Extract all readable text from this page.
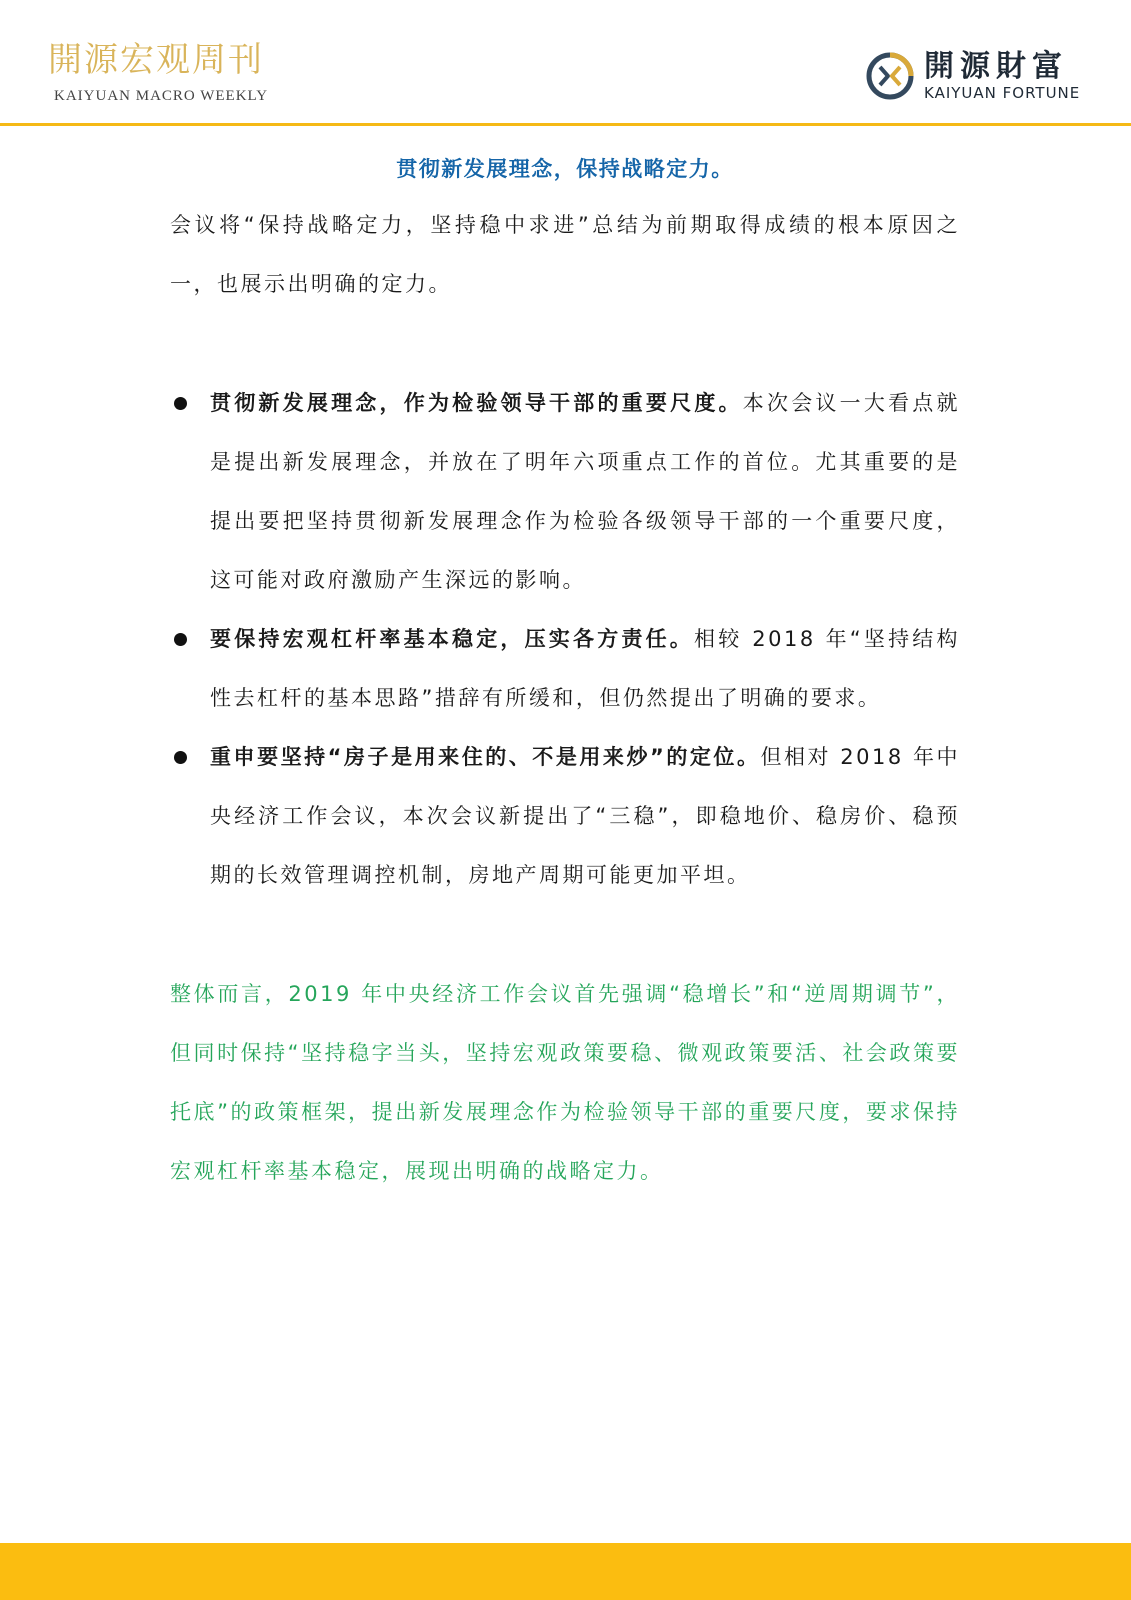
開源宏观周刊
KAIYUAN MACRO WEEKLY
開源財富
KAIYUAN FORTUNE
贯彻新发展理念，保持战略定力。

会议将“保持战略定力，坚持稳中求进”总结为前期取得成绩的根本原因之一，也展示出明确的定力。

贯彻新发展理念，作为检验领导干部的重要尺度。本次会议一大看点就是提出新发展理念，并放在了明年六项重点工作的首位。尤其重要的是提出要把坚持贯彻新发展理念作为检验各级领导干部的一个重要尺度，这可能对政府激励产生深远的影响。
要保持宏观杠杆率基本稳定，压实各方责任。相较 2018 年“坚持结构性去杠杆的基本思路”措辞有所缓和，但仍然提出了明确的要求。
重申要坚持“房子是用来住的、不是用来炒”的定位。但相对 2018 年中央经济工作会议，本次会议新提出了“三稳”，即稳地价、稳房价、稳预期的长效管理调控机制，房地产周期可能更加平坦。

整体而言，2019 年中央经济工作会议首先强调“稳增长”和“逆周期调节”，但同时保持“坚持稳字当头，坚持宏观政策要稳、微观政策要活、社会政策要托底”的政策框架，提出新发展理念作为检验领导干部的重要尺度，要求保持宏观杠杆率基本稳定，展现出明确的战略定力。
